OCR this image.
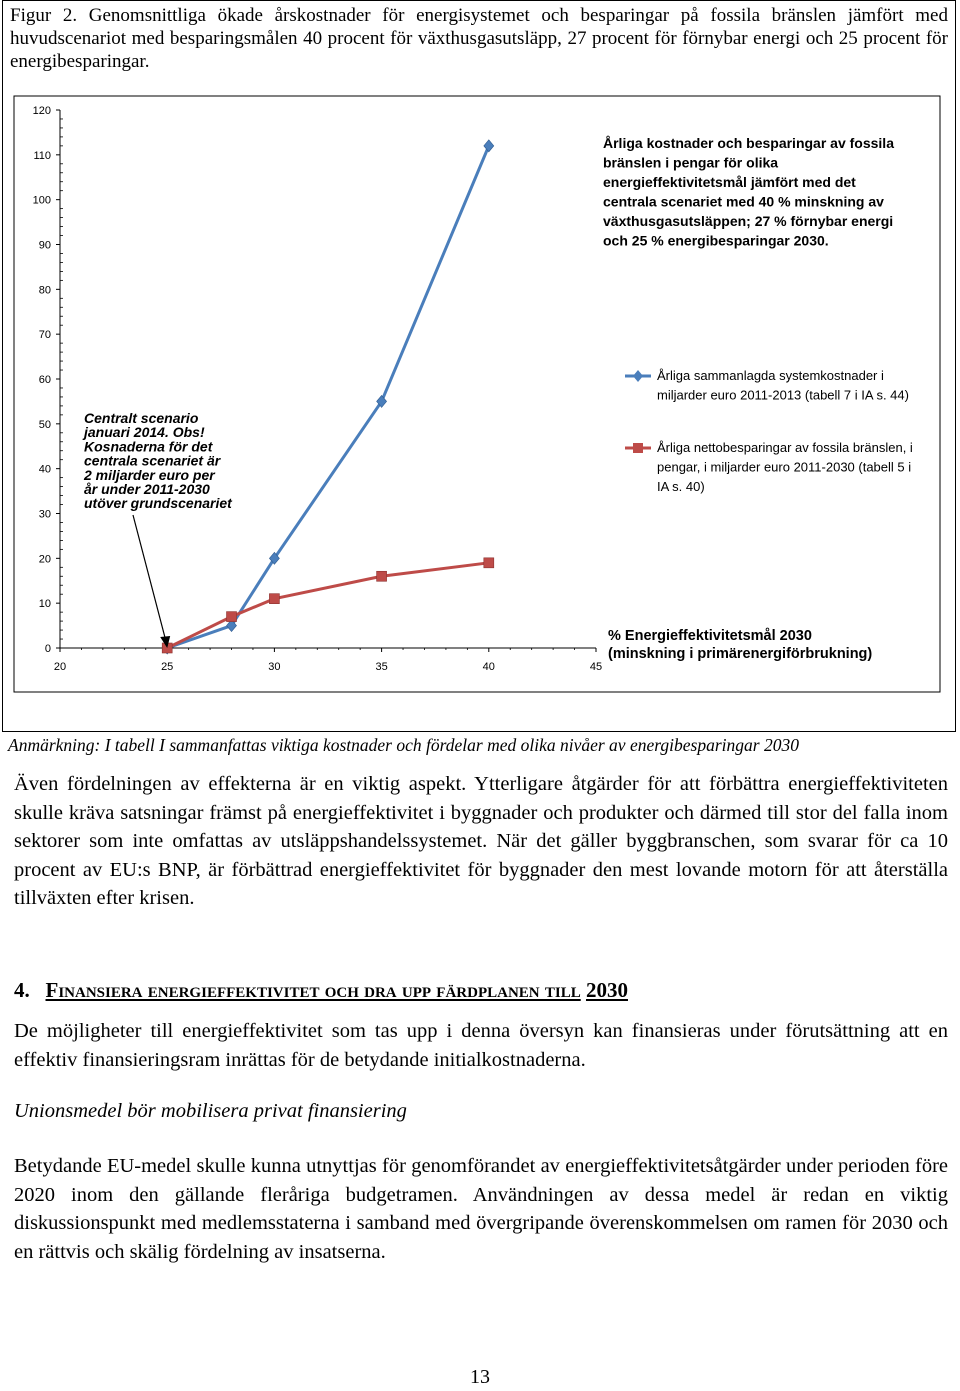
Figur 2. Genomsnittliga ökade årskostnader för energisystemet och besparingar på fossila bränslen jämfört med huvudscenariot med besparingsmålen 40 procent för växthusgasutsläpp, 27 procent för förnybar energi och 25 procent för energibesparingar.
0
10
20
30
40
50
60
70
80
90
100
110
120
20	25	30	35	40	45
Årliga kostnader och besparingar av fossila
bränslen i pengar för olika
energieffektivitetsmål jämfört med det
centrala scenariet med 40 % minskning av
växthusgasutsläppen; 27 % förnybar energi
och 25 % energibesparingar 2030.
Årliga sammanlagda systemkostnader i
miljarder euro 2011-2013 (tabell 7 i IA s. 44)
Årliga nettobesparingar av fossila bränslen, i
pengar, i miljarder euro 2011-2030 (tabell 5 i
IA s. 40)
% Energieffektivitetsmål 2030
(minskning i primärenergiförbrukning)
Centralt scenario
januari 2014. Obs!
Kosnaderna för det
centrala scenariet är
2 miljarder euro per
år under 2011-2030
utöver grundscenariet
Anmärkning: I tabell I sammanfattas viktiga kostnader och fördelar med olika nivåer av energibesparingar 2030
Även fördelningen av effekterna är en viktig aspekt. Ytterligare åtgärder för att förbättra energieffektiviteten skulle kräva satsningar främst på energieffektivitet i byggnader och produkter och därmed till stor del falla inom sektorer som inte omfattas av utsläppshandelssystemet. När det gäller byggbranschen, som svarar för ca 10 procent av EU:s BNP, är förbättrad energieffektivitet för byggnader den mest lovande motorn för att återställa tillväxten efter krisen.
4. Finansiera energieffektivitet och dra upp färdplanen till 2030
De möjligheter till energieffektivitet som tas upp i denna översyn kan finansieras under förutsättning att en effektiv finansieringsram inrättas för de betydande initialkostnaderna.
Unionsmedel bör mobilisera privat finansiering
Betydande EU-medel skulle kunna utnyttjas för genomförandet av energieffektivitetsåtgärder under perioden före 2020 inom den gällande fleråriga budgetramen. Användningen av dessa medel är redan en viktig diskussionspunkt med medlemsstaterna i samband med övergripande överenskommelsen om ramen för 2030 och en rättvis och skälig fördelning av insatserna.
13
